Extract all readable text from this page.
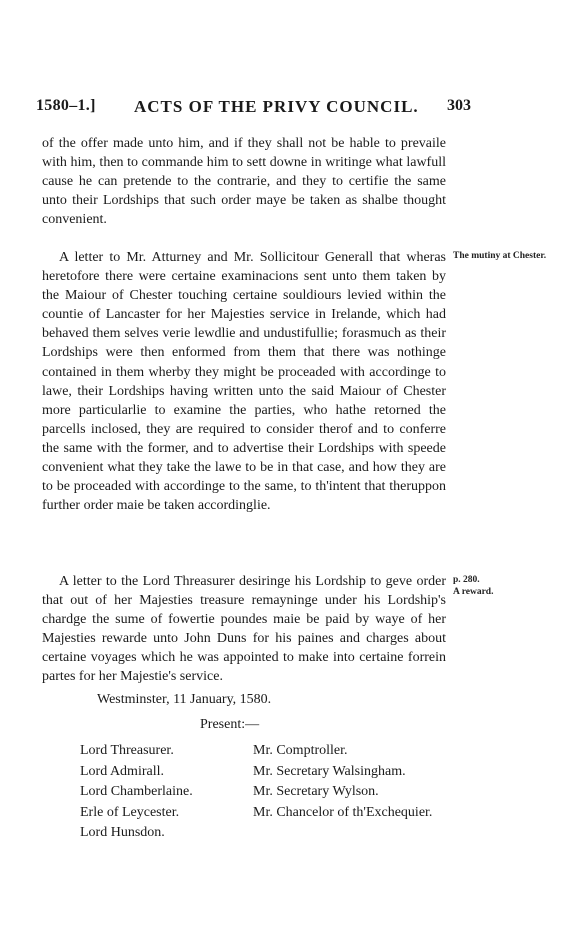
1580–1.] ACTS OF THE PRIVY COUNCIL. 303

of the offer made unto him, and if they shall not be hable to prevaile with him, then to commande him to sett downe in writinge what lawfull cause he can pretende to the contrarie, and they to certifie the same unto their Lordships that such order maye be taken as shalbe thought convenient.

A letter to Mr. Atturney and Mr. Sollicitour Generall that wheras heretofore there were certaine examinacions sent unto them taken by the Maiour of Chester touching certaine souldiours levied within the countie of Lancaster for her Majesties service in Irelande, which had behaved them selves verie lewdlie and undustifullie; forasmuch as their Lordships were then enformed from them that there was nothinge contained in them wherby they might be proceaded with accordinge to lawe, their Lordships having written unto the said Maiour of Chester more particularlie to examine the parties, who hathe retorned the parcells inclosed, they are required to consider therof and to conferre the same with the former, and to advertise their Lordships with speede convenient what they take the lawe to be in that case, and how they are to be proceaded with accordinge to the same, to th'intent that theruppon further order maie be taken accordinglie.

A letter to the Lord Threasurer desiringe his Lordship to geve order that out of her Majesties treasure remayninge under his Lordship's chardge the sume of fowertie poundes maie be paid by waye of her Majesties rewarde unto John Duns for his paines and charges about certaine voyages which he was appointed to make into certaine forrein partes for her Majestie's service.

The mutiny at Chester.
p. 280.
A reward.
Westminster, 11 January, 1580.
Present:—
Lord Threasurer.
Lord Admirall.
Lord Chamberlaine.
Erle of Leycester.
Lord Hunsdon.
Mr. Comptroller.
Mr. Secretary Walsingham.
Mr. Secretary Wylson.
Mr. Chancelor of th'Exchequier.
